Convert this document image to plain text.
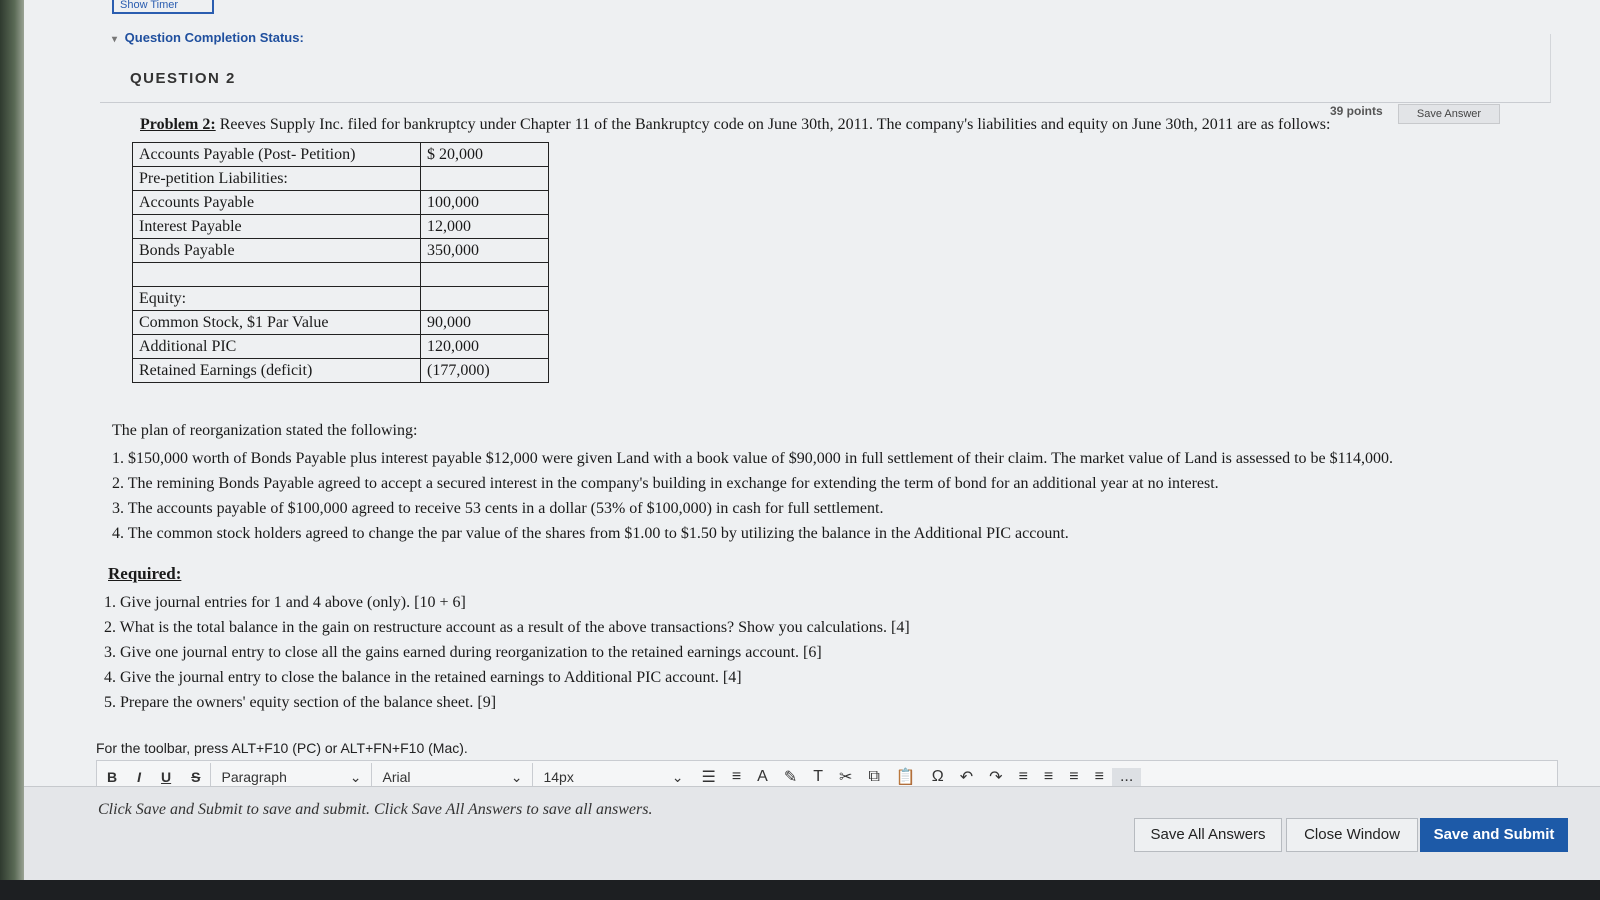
Show Timer
▾ Question Completion Status:
QUESTION 2
39 points	Save Answer
Problem 2: Reeves Supply Inc. filed for bankruptcy under Chapter 11 of the Bankruptcy code on June 30th, 2011. The company's liabilities and equity on June 30th, 2011 are as follows:
Accounts Payable (Post- Petition)	$ 20,000
Pre-petition Liabilities:	
Accounts Payable	100,000
Interest Payable	12,000
Bonds Payable	350,000

Equity:	
Common Stock, $1 Par Value	90,000
Additional PIC	120,000
Retained Earnings (deficit)	(177,000)
The plan of reorganization stated the following:
1. $150,000 worth of Bonds Payable plus interest payable $12,000 were given Land with a book value of $90,000 in full settlement of their claim. The market value of Land is assessed to be $114,000.
2. The remining Bonds Payable agreed to accept a secured interest in the company's building in exchange for extending the term of bond for an additional year at no interest.
3. The accounts payable of $100,000 agreed to receive 53 cents in a dollar (53% of $100,000) in cash for full settlement.
4. The common stock holders agreed to change the par value of the shares from $1.00 to $1.50 by utilizing the balance in the Additional PIC account.
Required:
1. Give journal entries for 1 and 4 above (only). [10 + 6]
2. What is the total balance in the gain on restructure account as a result of the above transactions? Show you calculations. [4]
3. Give one journal entry to close all the gains earned during reorganization to the retained earnings account. [6]
4. Give the journal entry to close the balance in the retained earnings to Additional PIC account. [4]
5. Prepare the owners' equity section of the balance sheet. [9]
For the toolbar, press ALT+F10 (PC) or ALT+FN+F10 (Mac).
B	I	U	S	Paragraph	⌄ Arial	⌄ 14px	⌄	☰	≡	A	✎	T	✂	⧉	📋	Ω	↶	↷	≡	≡	≡	≡	...
Click Save and Submit to save and submit. Click Save All Answers to save all answers.
Save All Answers	Close Window	Save and Submit
